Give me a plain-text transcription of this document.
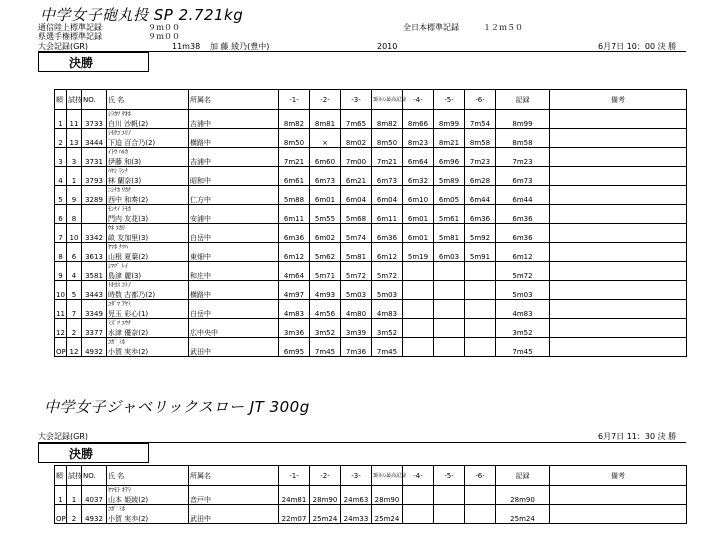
中学女子砲丸投 SP 2.721kg
通信陸上標準記録	９ｍ００
県選手権標準記録	９ｍ００
全日本標準記録	１２ｍ５０
大会記録(GR)	11m38 加 藤 綾乃(豊中)	2010	6月7日 10：00 決 勝
決勝
順	試技	NO.	氏 名	所属名	-1-	-2-	-3-	3回の最高記録	-4-	-5-	-6-	記録	備考
			ｼﾗｶﾜ ｻｷﾎ										
1	11	3733	白川 沙帆(2)	吉浦中	8m82	8m81	7m65	8m82	8m66	8m99	7m54	8m99	
			ｼﾓｻｺ ﾕﾘﾉ										
2	13	3444	下迫 百合乃(2)	横路中	8m50	×	8m02	8m50	8m23	8m21	8m58	8m58	
			ｲﾄｳ ﾊﾙｶ										
3	3	3731	伊藤 和(3)	吉浦中	7m21	6m60	7m00	7m21	6m64	6m96	7m23	7m23	
			ﾊﾔｼ ﾗﾝﾅ										
4	1	3793	林 蘭奈(3)	昭和中	6m61	6m73	6m21	6m73	6m32	5m89	6m28	6m73	
			ﾆｼﾅｶ ﾜｶﾅ										
5	9	3289	西中 和奏(2)	仁方中	5m88	6m01	6m04	6m04	6m10	6m05	6m44	6m44	
			ﾓﾝﾅｲ ﾄﾓｶ										
6	8		門内 友花(3)	安浦中	6m11	5m55	5m68	6m11	6m01	5m61	6m36	6m36	
			ｳﾈ ﾕｶﾘ										
7	10	3342	畝 友加里(3)	白岳中	6m36	6m02	5m74	6m36	6m01	5m81	5m92	6m36	
			ﾔﾏﾈ ﾅﾂﾊ										
8	6	3613	山根 夏葉(2)	東畑中	6m12	5m62	5m81	6m12	5m19	6m03	5m91	6m12	
			ｼﾏﾂﾞ ﾚｲ										
9	4	3581	島津 麗(3)	和庄中	4m64	5m71	5m72	5m72				5m72	
			ﾄｷﾖｽ ｺﾄﾉ										
10	5	3443	時数 古都乃(2)	横路中	4m97	4m93	5m03	5m03				5m03	
			ｺﾀﾞﾏ ｱﾔﾐ										
11	7	3349	児玉 彩心(1)	白岳中	4m83	4m56	4m80	4m83				4m83	
			ﾐｽﾞﾂ ﾕｳﾅ										
12	2	3377	水津 優奈(2)	広中央中	3m36	3m52	3m39	3m52				3m52	
			ｺｶﾞ ﾐﾎ										
OP	12	4932	小賀 実歩(2)	武田中	6m95	7m45	7m36	7m45				7m45	
中学女子ジャベリックスロー JT 300g
大会記録(GR)	6月7日 11：30 決 勝
決勝
順	試技	NO.	氏 名	所属名	-1-	-2-	-3-	3回の最高記録	-4-	-5-	-6-	記録	備考
			ﾔﾏﾓﾄ ｷｱﾗ										
1	1	4037	山本 姫綾(2)	音戸中	24m81	28m90	24m63	28m90				28m90	
			ｺｶﾞ ﾐﾎ										
OP	2	4932	小賀 実歩(2)	武田中	22m07	25m24	24m33	25m24				25m24	
